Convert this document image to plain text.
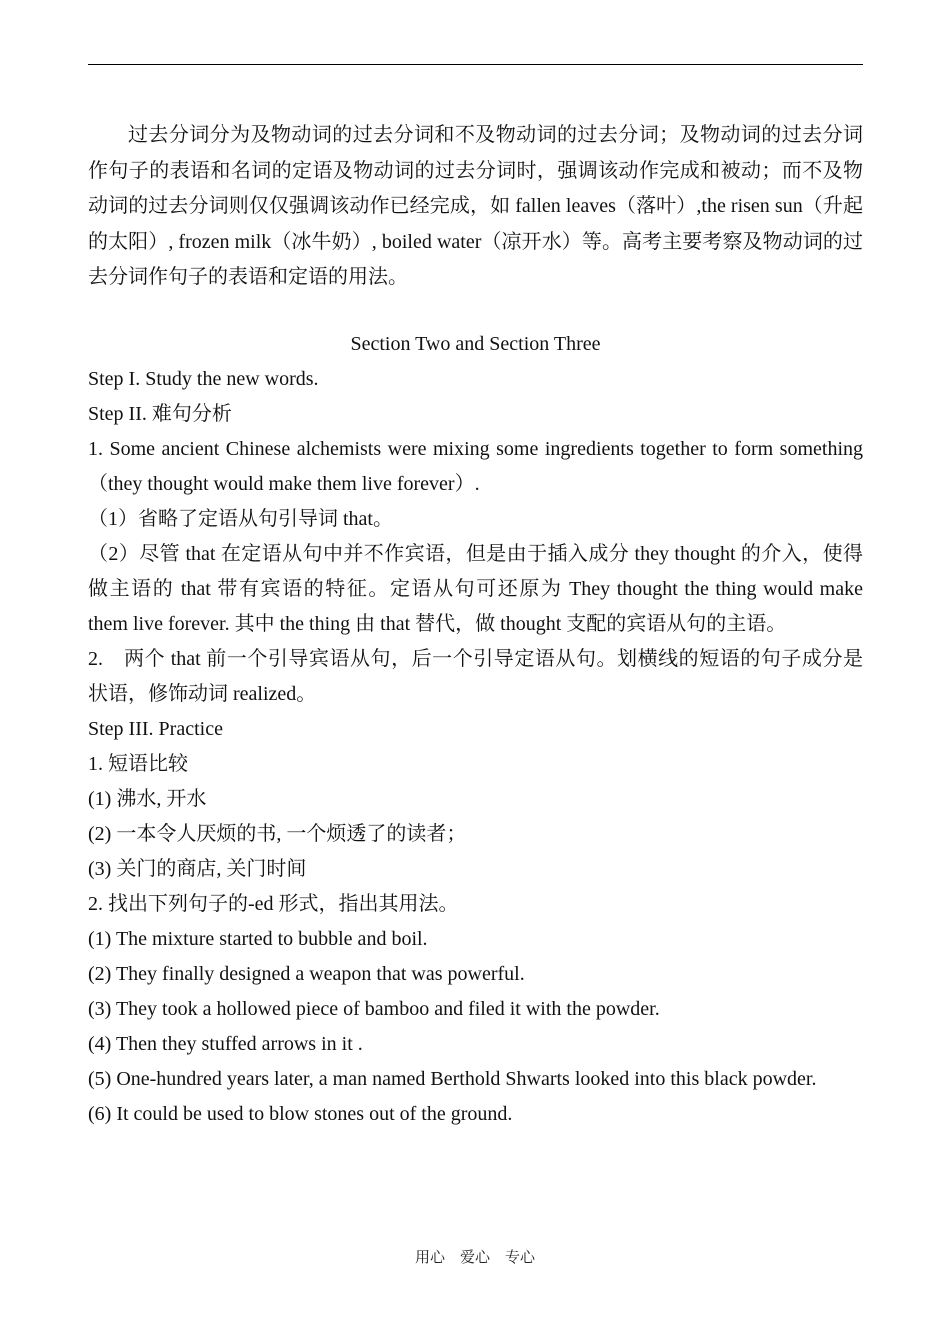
过去分词分为及物动词的过去分词和不及物动词的过去分词；及物动词的过去分词作句子的表语和名词的定语及物动词的过去分词时，强调该动作完成和被动；而不及物动词的过去分词则仅仅强调该动作已经完成，如 fallen leaves（落叶）,the risen sun（升起的太阳）, frozen milk（冰牛奶）, boiled water（凉开水）等。高考主要考察及物动词的过去分词作句子的表语和定语的用法。

Section Two and Section Three

Step I. Study the new words.

Step II. 难句分析

1. Some ancient Chinese alchemists were mixing some ingredients together to form something（they thought would make them live forever）.

（1）省略了定语从句引导词 that。

（2）尽管 that 在定语从句中并不作宾语，但是由于插入成分 they thought 的介入，使得做主语的 that 带有宾语的特征。定语从句可还原为 They thought the thing would make them live forever. 其中 the thing 由 that 替代，做 thought 支配的宾语从句的主语。

2.　两个 that 前一个引导宾语从句，后一个引导定语从句。划横线的短语的句子成分是 状语，修饰动词 realized。

Step III. Practice

1. 短语比较

(1) 沸水, 开水

(2) 一本令人厌烦的书, 一个烦透了的读者；

(3) 关门的商店, 关门时间

2. 找出下列句子的-ed 形式，指出其用法。

(1) The mixture started to bubble and boil.

(2) They finally designed a weapon that was powerful.

(3) They took a hollowed piece of bamboo and filed it with the powder.

(4) Then they stuffed arrows in it .

(5) One-hundred years later, a man named Berthold Shwarts looked into this black powder.

(6) It could be used to blow stones out of the ground.

用心　爱心　专心
